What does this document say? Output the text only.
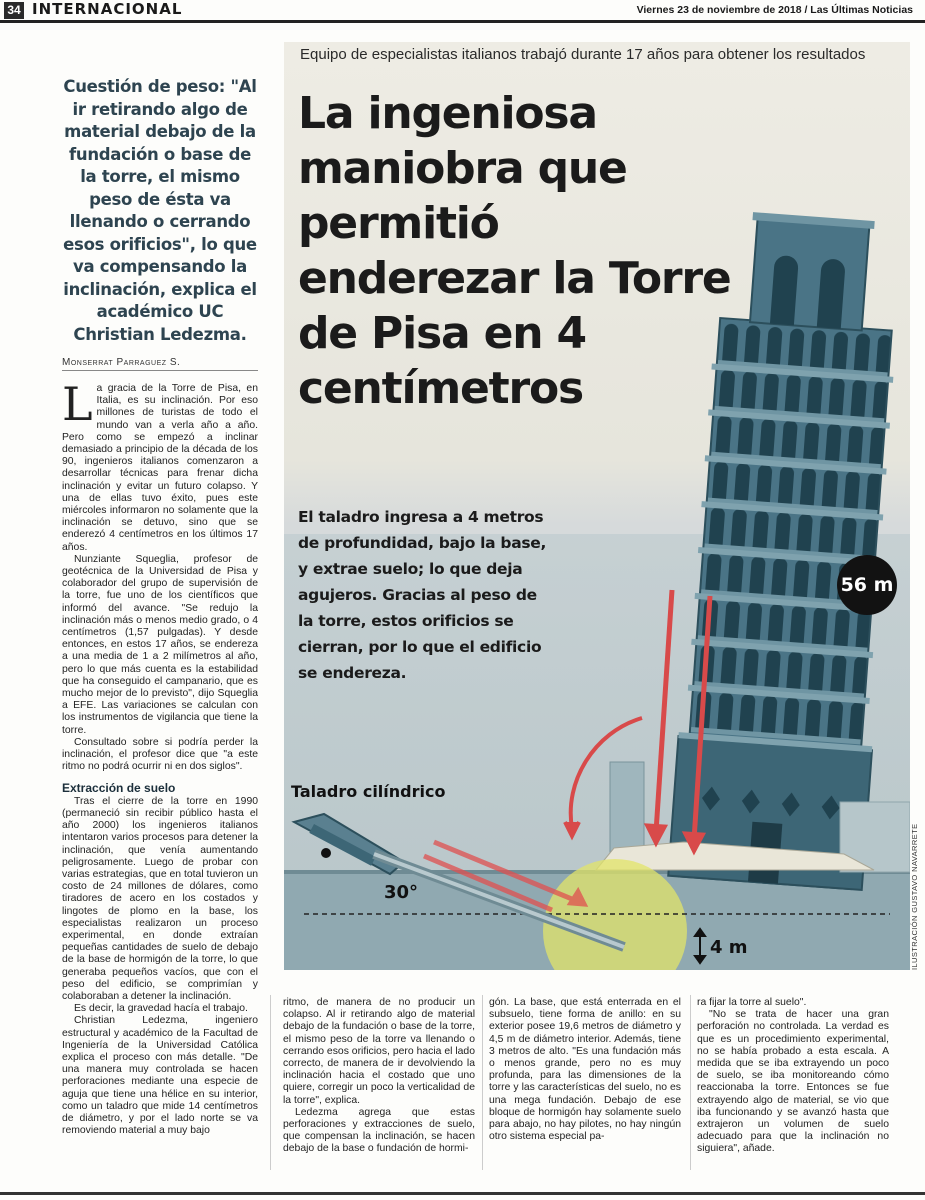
34 INTERNACIONAL	Viernes 23 de noviembre de 2018 / Las Últimas Noticias
Cuestión de peso: "Al ir retirando algo de material debajo de la fundación o base de la torre, el mismo peso de ésta va llenando o cerrando esos orificios", lo que va compensando la inclinación, explica el académico UC Christian Ledezma.
Monserrat Parraguez S.

La gracia de la Torre de Pisa, en Italia, es su inclinación. Por eso millones de turistas de todo el mundo van a verla año a año. Pero como se empezó a inclinar demasiado a principio de la década de los 90, ingenieros italianos comenzaron a desarrollar técnicas para frenar dicha inclinación y evitar un futuro colapso. Y una de ellas tuvo éxito, pues este miércoles informaron no solamente que la inclinación se detuvo, sino que se enderezó 4 centímetros en los últimos 17 años.

Nunziante Squeglia, profesor de geotécnica de la Universidad de Pisa y colaborador del grupo de supervisión de la torre, fue uno de los científicos que informó del avance. "Se redujo la inclinación más o menos medio grado, o 4 centímetros (1,57 pulgadas). Y desde entonces, en estos 17 años, se endereza a una media de 1 a 2 milímetros al año, pero lo que más cuenta es la estabilidad que ha conseguido el campanario, que es mucho mejor de lo previsto", dijo Squeglia a EFE. Las variaciones se calculan con los instrumentos de vigilancia que tiene la torre.

Consultado sobre si podría perder la inclinación, el profesor dice que "a este ritmo no podrá ocurrir ni en dos siglos".

Extracción de suelo

Tras el cierre de la torre en 1990 (permaneció sin recibir público hasta el año 2000) los ingenieros italianos intentaron varios procesos para detener la inclinación, que venía aumentando peligrosamente. Luego de probar con varias estrategias, que en total tuvieron un costo de 24 millones de dólares, como tiradores de acero en los costados y lingotes de plomo en la base, los especialistas realizaron un proceso experimental, en donde extraían pequeñas cantidades de suelo de debajo de la base de hormigón de la torre, lo que generaba pequeños vacíos, que con el peso del edificio, se comprimían y colaboraban a detener la inclinación.

Es decir, la gravedad hacía el trabajo.

Christian Ledezma, ingeniero estructural y académico de la Facultad de Ingeniería de la Universidad Católica explica el proceso con más detalle. "De una manera muy controlada se hacen perforaciones mediante una especie de aguja que tiene una hélice en su interior, como un taladro que mide 14 centímetros de diámetro, y por el lado norte se va removiendo material a muy bajo

Equipo de especialistas italianos trabajó durante 17 años para obtener los resultados
La ingeniosa maniobra que permitió enderezar la Torre de Pisa en 4 centímetros
El taladro ingresa a 4 metros de profundidad, bajo la base, y extrae suelo; lo que deja agujeros. Gracias al peso de la torre, estos orificios se cierran, por lo que el edificio se endereza.
Taladro cilíndrico
30°
4 m
56 m
ILUSTRACIÓN GUSTAVO NAVARRETE

ritmo, de manera de no producir un colapso. Al ir retirando algo de material debajo de la fundación o base de la torre, el mismo peso de la torre va llenando o cerrando esos orificios, pero hacia el lado correcto, de manera de ir devolviendo la inclinación hacia el costado que uno quiere, corregir un poco la verticalidad de la torre", explica.

Ledezma agrega que estas perforaciones y extracciones de suelo, que compensan la inclinación, se hacen debajo de la base o fundación de hormi-

gón. La base, que está enterrada en el subsuelo, tiene forma de anillo: en su exterior posee 19,6 metros de diámetro y 4,5 m de diámetro interior. Además, tiene 3 metros de alto. "Es una fundación más o menos grande, pero no es muy profunda, para las dimensiones de la torre y las características del suelo, no es una mega fundación. Debajo de ese bloque de hormigón hay solamente suelo para abajo, no hay pilotes, no hay ningún otro sistema especial pa-

ra fijar la torre al suelo".

"No se trata de hacer una gran perforación no controlada. La verdad es que es un procedimiento experimental, no se había probado a esta escala. A medida que se iba extrayendo un poco de suelo, se iba monitoreando cómo reaccionaba la torre. Entonces se fue extrayendo algo de material, se vio que iba funcionando y se avanzó hasta que extrajeron un volumen de suelo adecuado para que la inclinación no siguiera", añade.
